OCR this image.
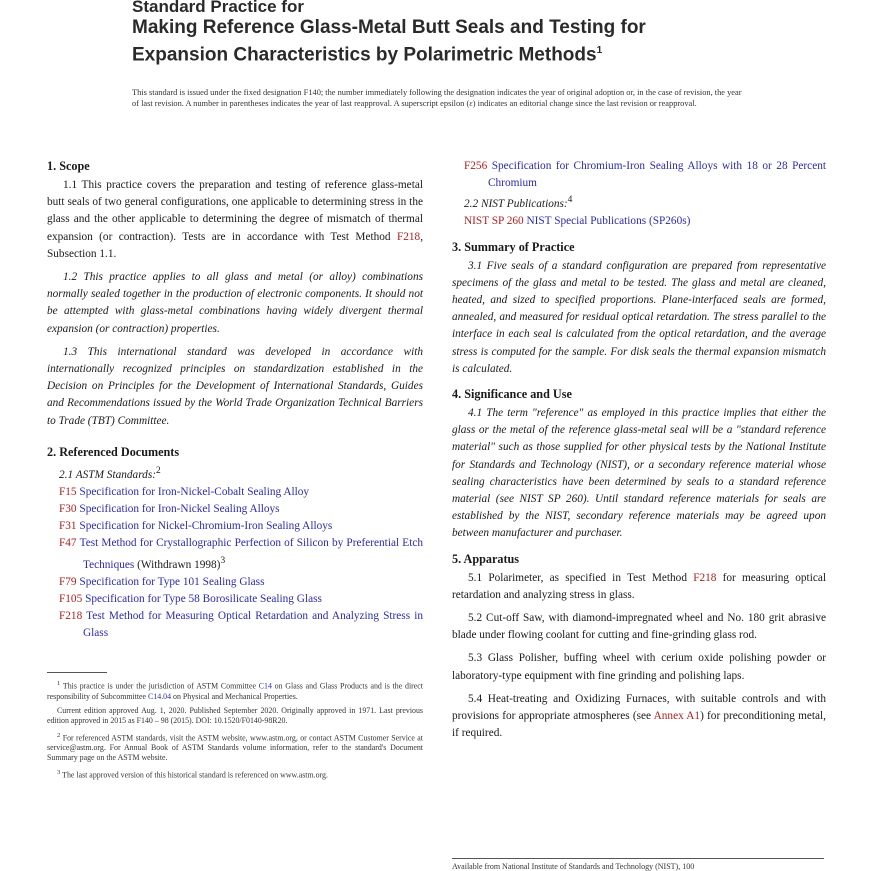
Standard Practice for
Making Reference Glass-Metal Butt Seals and Testing for
Expansion Characteristics by Polarimetric Methods$^1$
This standard is issued under the fixed designation F140; the number immediately following the designation indicates the year of original adoption or, in the case of revision, the year of last revision. A number in parentheses indicates the year of last reapproval. A superscript epsilon (ε) indicates an editorial change since the last revision or reapproval.
1. Scope

1.1 This practice covers the preparation and testing of reference glass-metal butt seals of two general configurations, one applicable to determining stress in the glass and the other applicable to determining the degree of mismatch of thermal expansion (or contraction). Tests are in accordance with Test Method F218, Subsection 1.1.

1.2 This practice applies to all glass and metal (or alloy) combinations normally sealed together in the production of electronic components. It should not be attempted with glass-metal combinations having widely divergent thermal expansion (or contraction) properties.

1.3 This international standard was developed in accordance with internationally recognized principles on standardization established in the Decision on Principles for the Development of International Standards, Guides and Recommendations issued by the World Trade Organization Technical Barriers to Trade (TBT) Committee.

2. Referenced Documents

2.1 ASTM Standards:$^2$

F15 Specification for Iron-Nickel-Cobalt Sealing Alloy

F30 Specification for Iron-Nickel Sealing Alloys

F31 Specification for Nickel-Chromium-Iron Sealing Alloys

F47 Test Method for Crystallographic Perfection of Silicon by Preferential Etch Techniques (Withdrawn 1998)$^3$

F79 Specification for Type 101 Sealing Glass

F105 Specification for Type 58 Borosilicate Sealing Glass

F218 Test Method for Measuring Optical Retardation and Analyzing Stress in Glass

$^1$ This practice is under the jurisdiction of ASTM Committee C14 on Glass and Glass Products and is the direct responsibility of Subcommittee C14.04 on Physical and Mechanical Properties.

Current edition approved Aug. 1, 2020. Published September 2020. Originally approved in 1971. Last previous edition approved in 2015 as F140 – 98 (2015). DOI: 10.1520/F0140-98R20.

$^2$ For referenced ASTM standards, visit the ASTM website, www.astm.org, or contact ASTM Customer Service at service@astm.org. For Annual Book of ASTM Standards volume information, refer to the standard's Document Summary page on the ASTM website.

$^3$ The last approved version of this historical standard is referenced on www.astm.org.

F256 Specification for Chromium-Iron Sealing Alloys with 18 or 28 Percent Chromium

2.2 NIST Publications:$^4$

NIST SP 260 NIST Special Publications (SP260s)

3. Summary of Practice

3.1 Five seals of a standard configuration are prepared from representative specimens of the glass and metal to be tested. The glass and metal are cleaned, heated, and sized to specified proportions. Plane-interfaced seals are formed, annealed, and measured for residual optical retardation. The stress parallel to the interface in each seal is calculated from the optical retardation, and the average stress is computed for the sample. For disk seals the thermal expansion mismatch is calculated.

4. Significance and Use

4.1 The term "reference" as employed in this practice implies that either the glass or the metal of the reference glass-metal seal will be a "standard reference material" such as those supplied for other physical tests by the National Institute for Standards and Technology (NIST), or a secondary reference material whose sealing characteristics have been determined by seals to a standard reference material (see NIST SP 260). Until standard reference materials for seals are established by the NIST, secondary reference materials may be agreed upon between manufacturer and purchaser.

5. Apparatus

5.1 Polarimeter, as specified in Test Method F218 for measuring optical retardation and analyzing stress in glass.

5.2 Cut-off Saw, with diamond-impregnated wheel and No. 180 grit abrasive blade under flowing coolant for cutting and fine-grinding glass rod.

5.3 Glass Polisher, buffing wheel with cerium oxide polishing powder or laboratory-type equipment with fine grinding and polishing laps.

5.4 Heat-treating and Oxidizing Furnaces, with suitable controls and with provisions for appropriate atmospheres (see Annex A1) for preconditioning metal, if required.

Available from National Institute of Standards and Technology (NIST), 100
